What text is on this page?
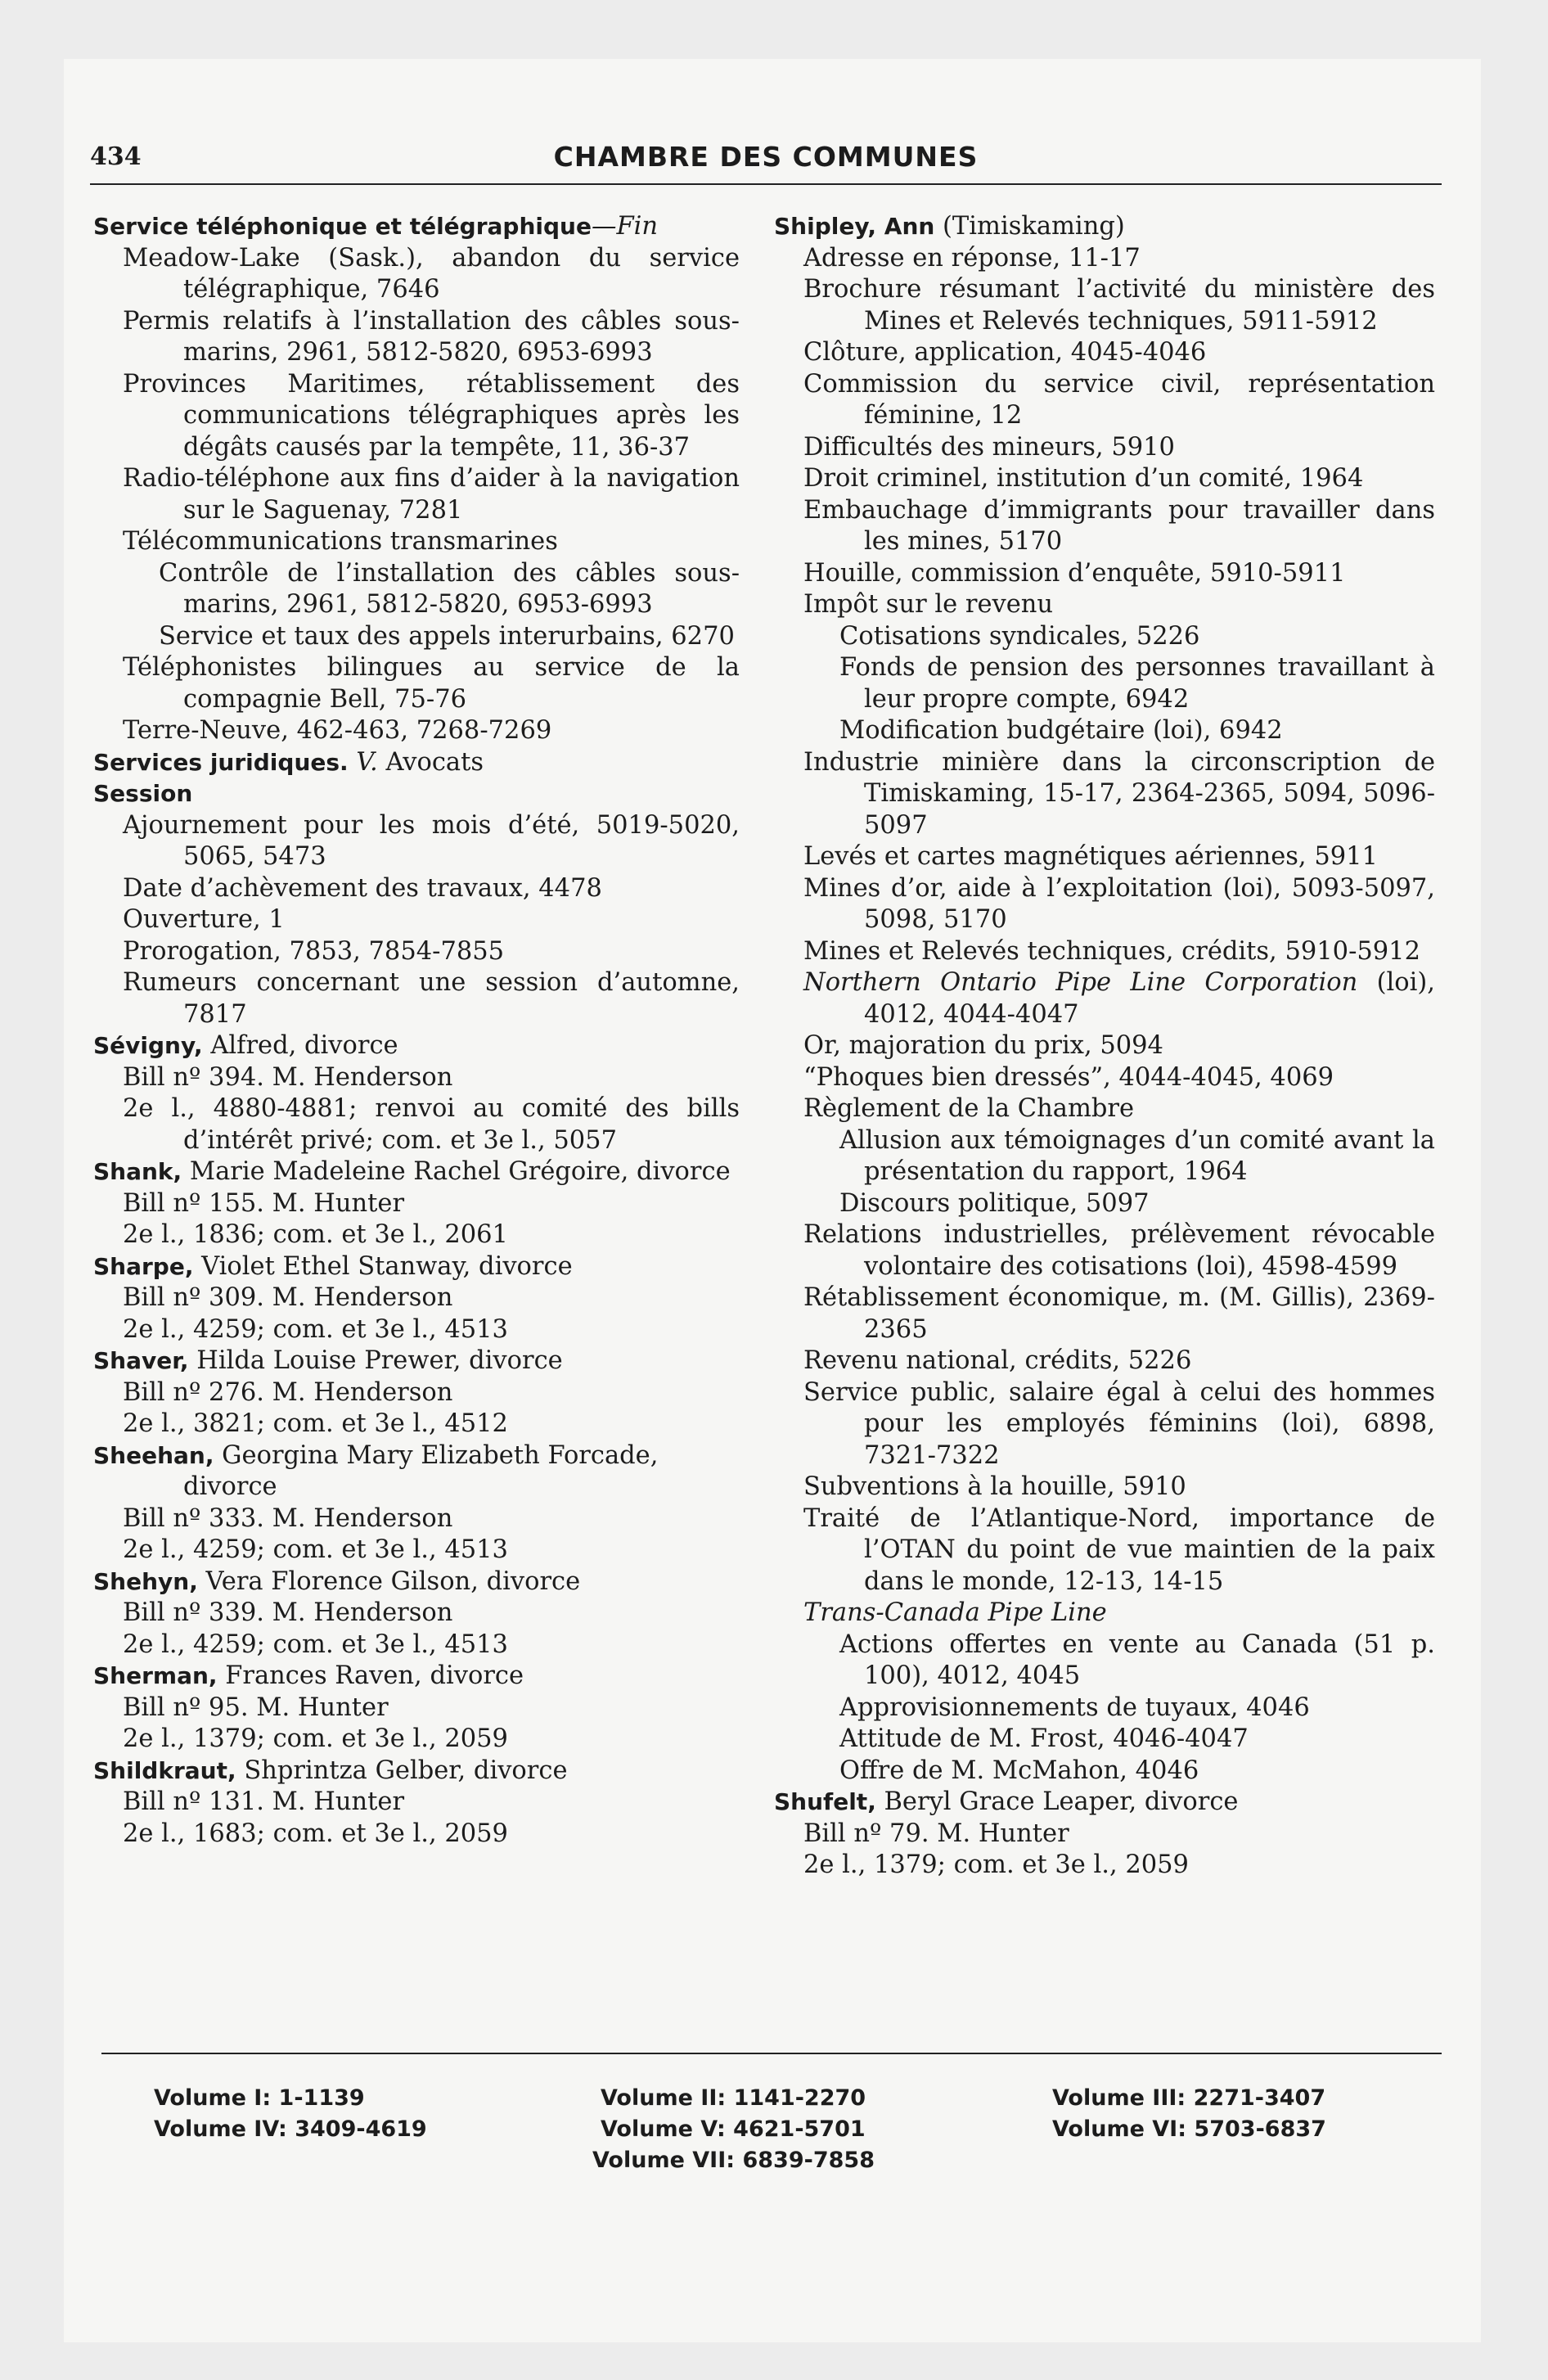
434	CHAMBRE DES COMMUNES
Service téléphonique et télégraphique—Fin
Meadow-Lake (Sask.), abandon du service télégraphique, 7646
Permis relatifs à l’installation des câbles sous-marins, 2961, 5812-5820, 6953-6993
Provinces Maritimes, rétablissement des communications télégraphiques après les dégâts causés par la tempête, 11, 36-37
Radio-téléphone aux fins d’aider à la navigation sur le Saguenay, 7281
Télécommunications transmarines
Contrôle de l’installation des câbles sous-marins, 2961, 5812-5820, 6953-6993
Service et taux des appels interurbains, 6270
Téléphonistes bilingues au service de la compagnie Bell, 75-76
Terre-Neuve, 462-463, 7268-7269
Services juridiques. V. Avocats
Session
Ajournement pour les mois d’été, 5019-5020, 5065, 5473
Date d’achèvement des travaux, 4478
Ouverture, 1
Prorogation, 7853, 7854-7855
Rumeurs concernant une session d’automne, 7817
Sévigny, Alfred, divorce
Bill nº 394. M. Henderson
2e l., 4880-4881; renvoi au comité des bills d’intérêt privé; com. et 3e l., 5057
Shank, Marie Madeleine Rachel Grégoire, divorce
Bill nº 155. M. Hunter
2e l., 1836; com. et 3e l., 2061
Sharpe, Violet Ethel Stanway, divorce
Bill nº 309. M. Henderson
2e l., 4259; com. et 3e l., 4513
Shaver, Hilda Louise Prewer, divorce
Bill nº 276. M. Henderson
2e l., 3821; com. et 3e l., 4512
Sheehan, Georgina Mary Elizabeth Forcade, divorce
Bill nº 333. M. Henderson
2e l., 4259; com. et 3e l., 4513
Shehyn, Vera Florence Gilson, divorce
Bill nº 339. M. Henderson
2e l., 4259; com. et 3e l., 4513
Sherman, Frances Raven, divorce
Bill nº 95. M. Hunter
2e l., 1379; com. et 3e l., 2059
Shildkraut, Shprintza Gelber, divorce
Bill nº 131. M. Hunter
2e l., 1683; com. et 3e l., 2059
Shipley, Ann (Timiskaming)
Adresse en réponse, 11-17
Brochure résumant l’activité du ministère des Mines et Relevés techniques, 5911-5912
Clôture, application, 4045-4046
Commission du service civil, représentation féminine, 12
Difficultés des mineurs, 5910
Droit criminel, institution d’un comité, 1964
Embauchage d’immigrants pour travailler dans les mines, 5170
Houille, commission d’enquête, 5910-5911
Impôt sur le revenu
Cotisations syndicales, 5226
Fonds de pension des personnes travaillant à leur propre compte, 6942
Modification budgétaire (loi), 6942
Industrie minière dans la circonscription de Timiskaming, 15-17, 2364-2365, 5094, 5096-5097
Levés et cartes magnétiques aériennes, 5911
Mines d’or, aide à l’exploitation (loi), 5093-5097, 5098, 5170
Mines et Relevés techniques, crédits, 5910-5912
Northern Ontario Pipe Line Corporation (loi), 4012, 4044-4047
Or, majoration du prix, 5094
“Phoques bien dressés”, 4044-4045, 4069
Règlement de la Chambre
Allusion aux témoignages d’un comité avant la présentation du rapport, 1964
Discours politique, 5097
Relations industrielles, prélèvement révocable volontaire des cotisations (loi), 4598-4599
Rétablissement économique, m. (M. Gillis), 2369-2365
Revenu national, crédits, 5226
Service public, salaire égal à celui des hommes pour les employés féminins (loi), 6898, 7321-7322
Subventions à la houille, 5910
Traité de l’Atlantique-Nord, importance de l’OTAN du point de vue maintien de la paix dans le monde, 12-13, 14-15
Trans-Canada Pipe Line
Actions offertes en vente au Canada (51 p. 100), 4012, 4045
Approvisionnements de tuyaux, 4046
Attitude de M. Frost, 4046-4047
Offre de M. McMahon, 4046
Shufelt, Beryl Grace Leaper, divorce
Bill nº 79. M. Hunter
2e l., 1379; com. et 3e l., 2059
Volume I: 1-1139
Volume IV: 3409-4619
Volume II: 1141-2270
Volume V: 4621-5701
Volume VII: 6839-7858
Volume III: 2271-3407
Volume VI: 5703-6837
